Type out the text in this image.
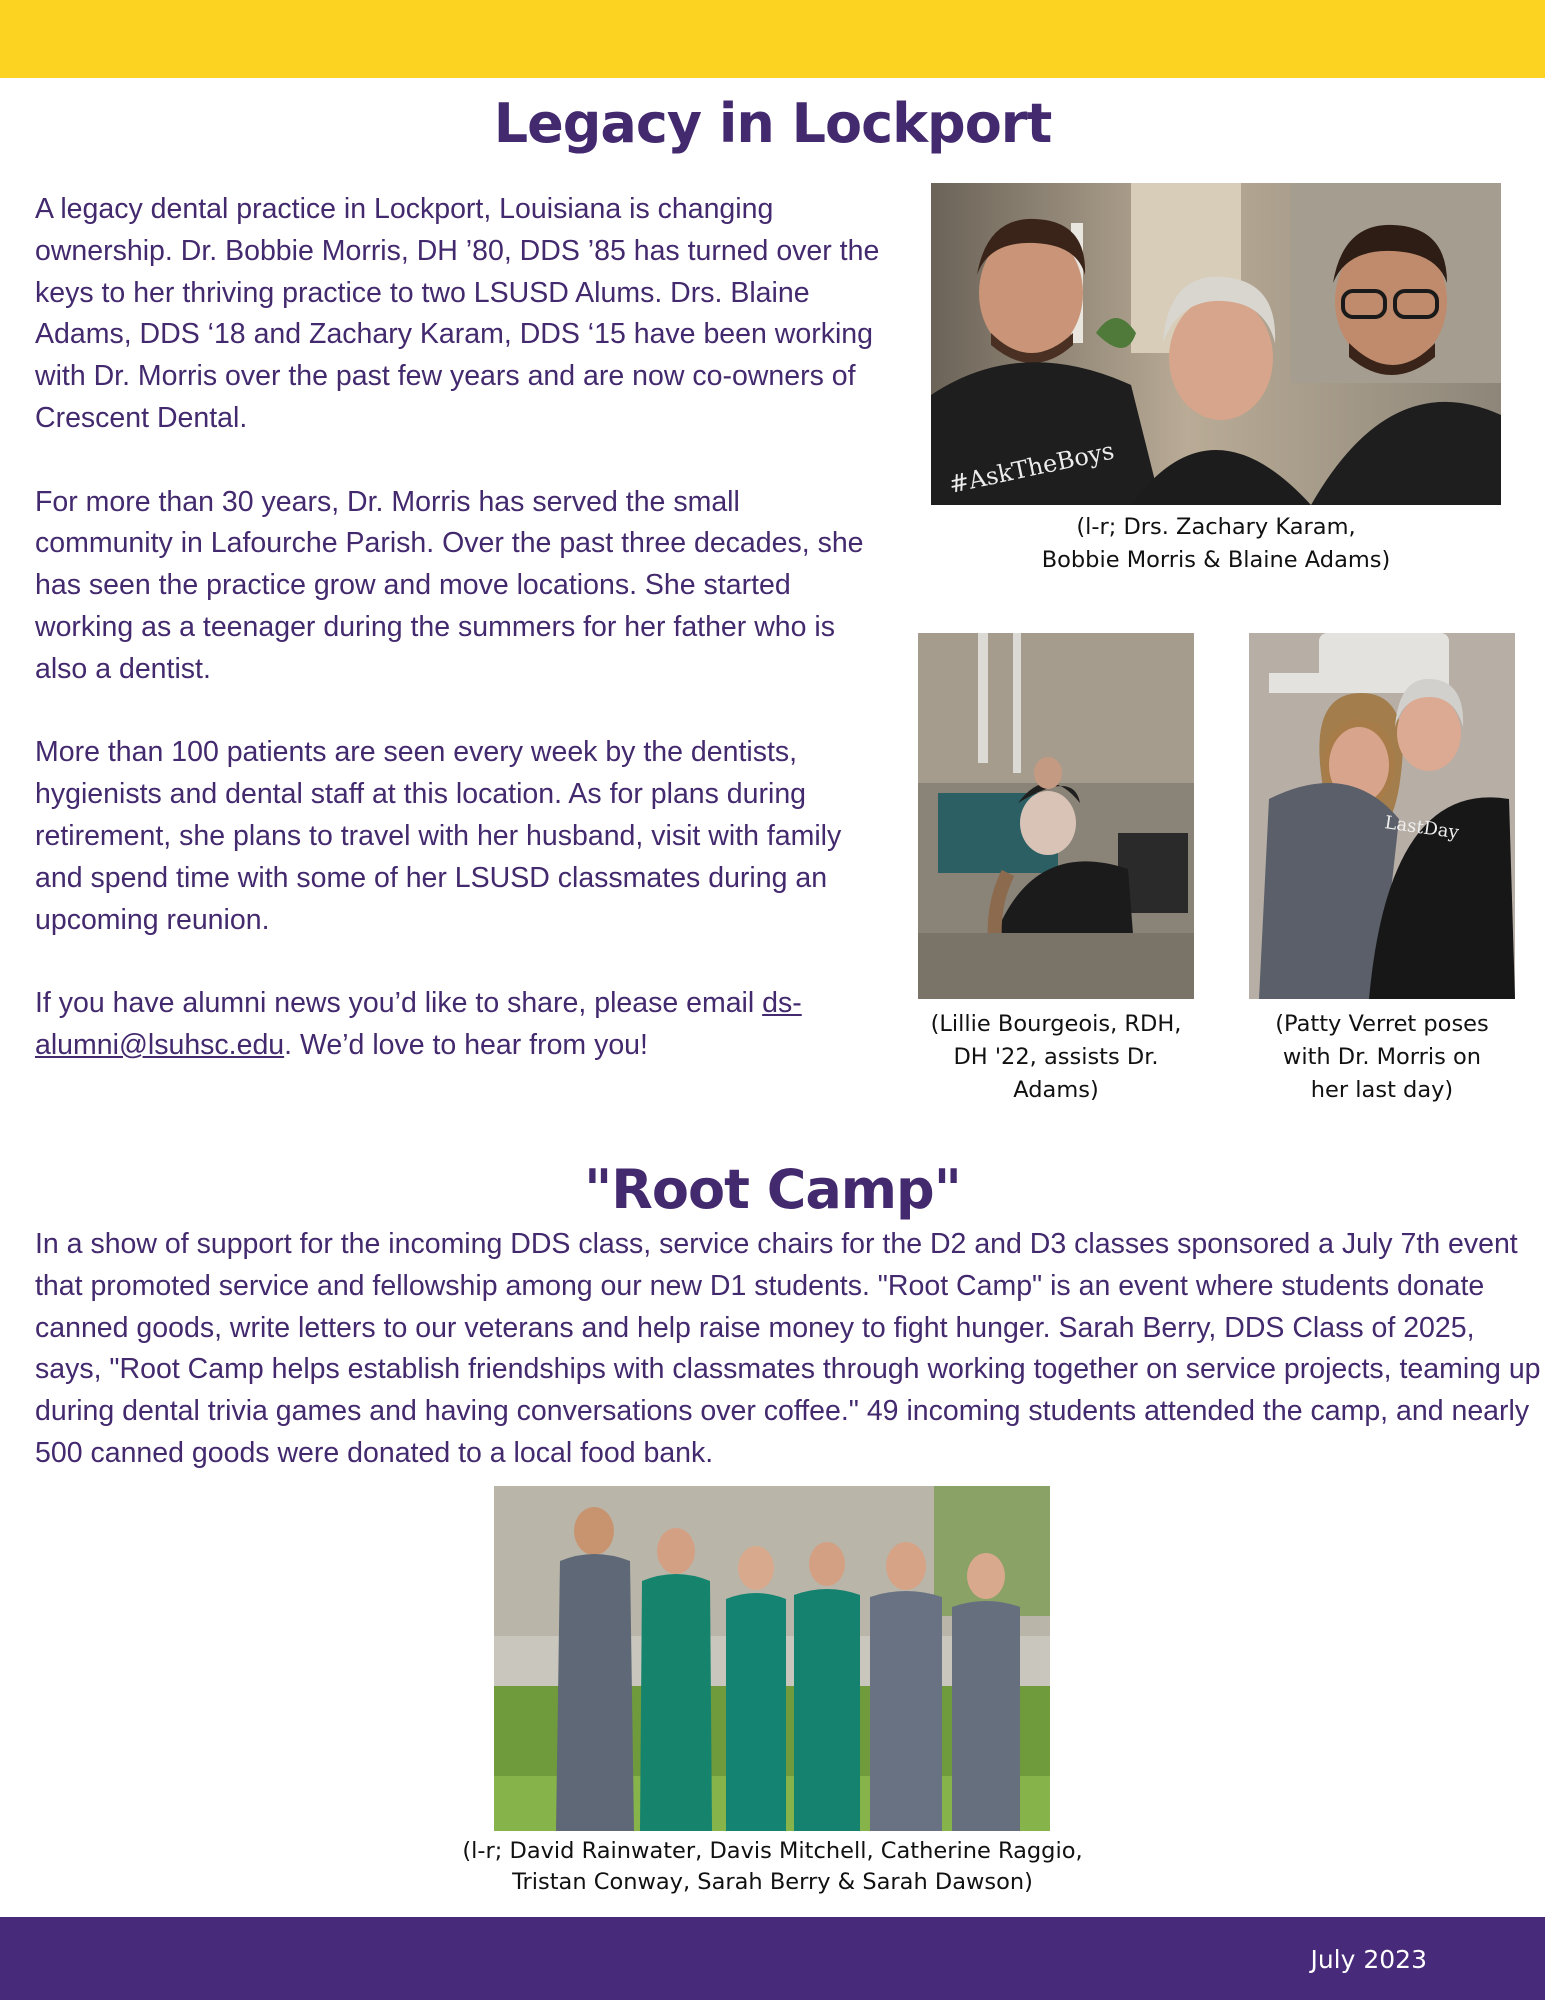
Legacy in Lockport

A legacy dental practice in Lockport, Louisiana is changing ownership. Dr. Bobbie Morris, DH ’80, DDS ’85 has turned over the keys to her thriving practice to two LSUSD Alums. Drs. Blaine Adams, DDS ‘18 and Zachary Karam, DDS ‘15 have been working with Dr. Morris over the past few years and are now co-owners of Crescent Dental.

For more than 30 years, Dr. Morris has served the small community in Lafourche Parish. Over the past three decades, she has seen the practice grow and move locations. She started working as a teenager during the summers for her father who is also a dentist.

More than 100 patients are seen every week by the dentists, hygienists and dental staff at this location. As for plans during retirement, she plans to travel with her husband, visit with family and spend time with some of her LSUSD classmates during an upcoming reunion.

If you have alumni news you’d like to share, please email ds-alumni@lsuhsc.edu. We’d love to hear from you!

#AskTheBoys

(l-r; Drs. Zachary Karam,
Bobbie Morris & Blaine Adams)

(Lillie Bourgeois, RDH,
DH '22, assists Dr.
Adams)

LastDay

(Patty Verret poses
with Dr. Morris on
her last day)

"Root Camp"

In a show of support for the incoming DDS class, service chairs for the D2 and D3 classes sponsored a July 7th event that promoted service and fellowship among our new D1 students. "Root Camp" is an event where students donate canned goods, write letters to our veterans and help raise money to fight hunger. Sarah Berry, DDS Class of 2025, says, "Root Camp helps establish friendships with classmates through working together on service projects, teaming up during dental trivia games and having conversations over coffee." 49 incoming students attended the camp, and nearly 500 canned goods were donated to a local food bank.

(l-r; David Rainwater, Davis Mitchell, Catherine Raggio,
Tristan Conway, Sarah Berry & Sarah Dawson)

July 2023
